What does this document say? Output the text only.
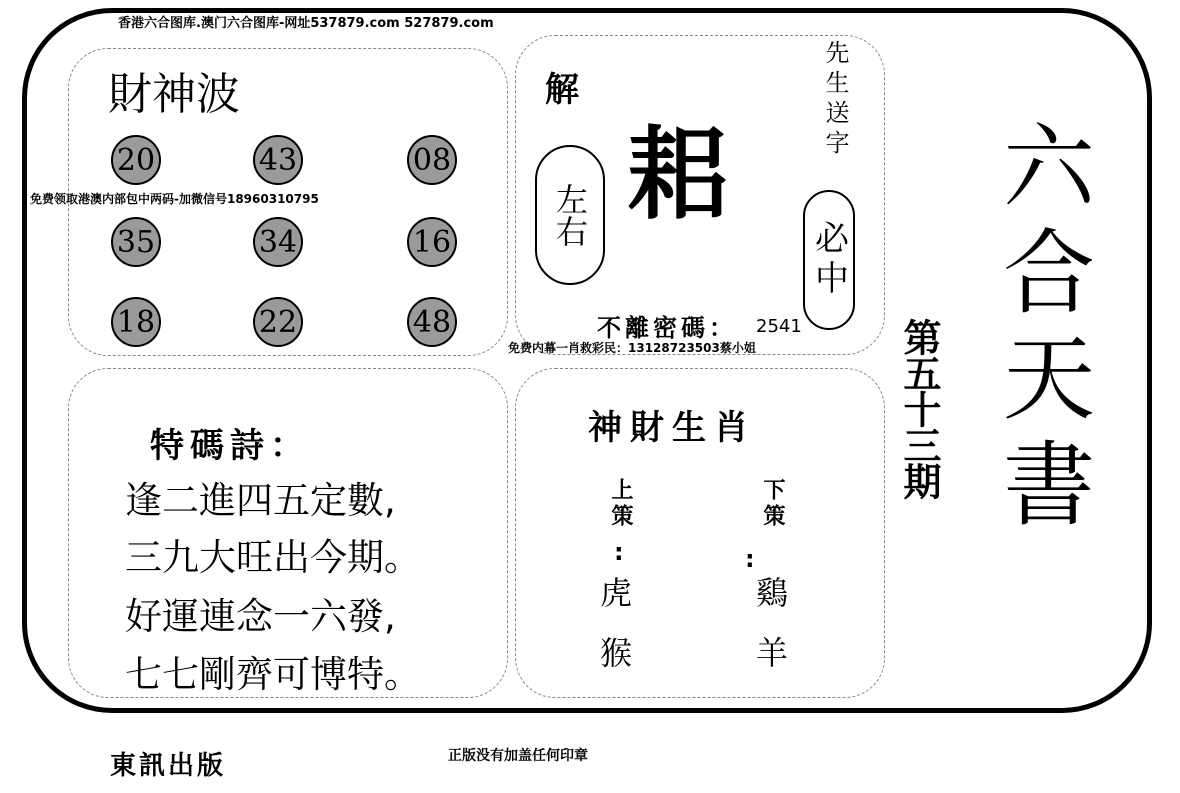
香港六合图库.澳门六合图库-网址537879.com 527879.com
財神波
20	43	08
35	34	16
18	22	48
免费领取港澳内部包中两码-加微信号18960310795
解
左右 耜
先生送字
必中
不離密碼： 2541
免费内幕一肖救彩民：13128723503蔡小姐
特碼詩：
逢二進四五定數,
三九大旺出今期。
好運連念一六發,
七七剛齊可博特。
神財生肖
上策
:
虎
猴
下策
:
鷄
羊
第五十三期 六合天書
東訊出版	正版没有加盖任何印章
